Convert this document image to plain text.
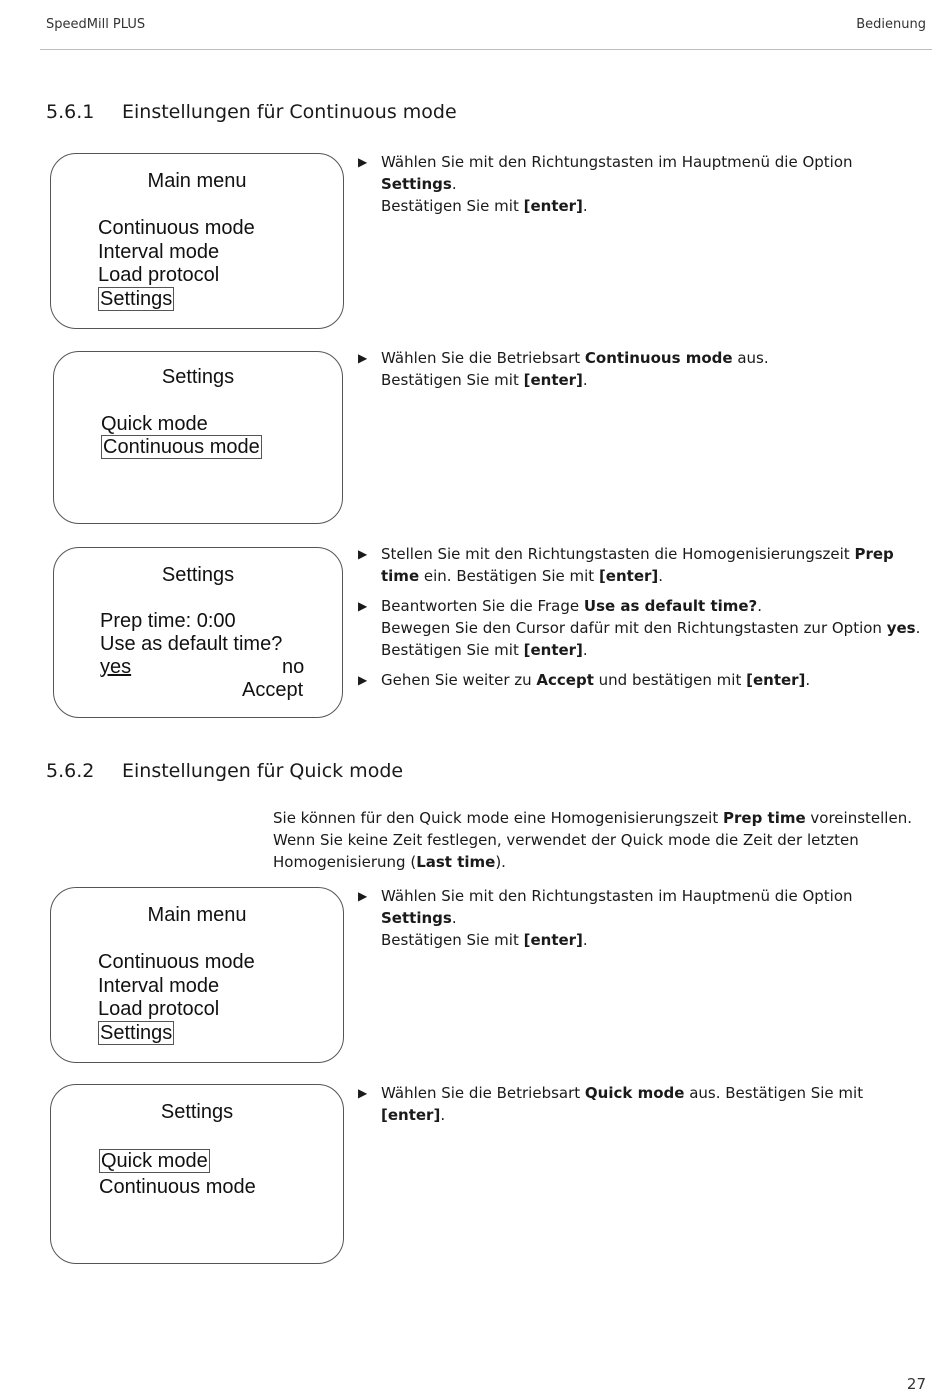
SpeedMill PLUS	Bedienung
5.6.1 Einstellungen für Continuous mode
Main menu
Continuous mode
Interval mode
Load protocol
Settings
▶ Wählen Sie mit den Richtungstasten im Hauptmenü die Option Settings.
Bestätigen Sie mit [enter].
Settings
Quick mode
Continuous mode
▶ Wählen Sie die Betriebsart Continuous mode aus.
Bestätigen Sie mit [enter].
Settings
Prep time: 0:00
Use as default time?
yes	no
Accept
▶ Stellen Sie mit den Richtungstasten die Homogenisierungszeit Prep time ein. Bestätigen Sie mit [enter].
▶ Beantworten Sie die Frage Use as default time?.
Bewegen Sie den Cursor dafür mit den Richtungstasten zur Option yes.
Bestätigen Sie mit [enter].
▶ Gehen Sie weiter zu Accept und bestätigen mit [enter].
5.6.2 Einstellungen für Quick mode
Sie können für den Quick mode eine Homogenisierungszeit Prep time voreinstellen. Wenn Sie keine Zeit festlegen, verwendet der Quick mode die Zeit der letzten Homogenisierung (Last time).
Main menu
Continuous mode
Interval mode
Load protocol
Settings
▶ Wählen Sie mit den Richtungstasten im Hauptmenü die Option Settings.
Bestätigen Sie mit [enter].
Settings
Quick mode
Continuous mode
▶ Wählen Sie die Betriebsart Quick mode aus. Bestätigen Sie mit [enter].
27
